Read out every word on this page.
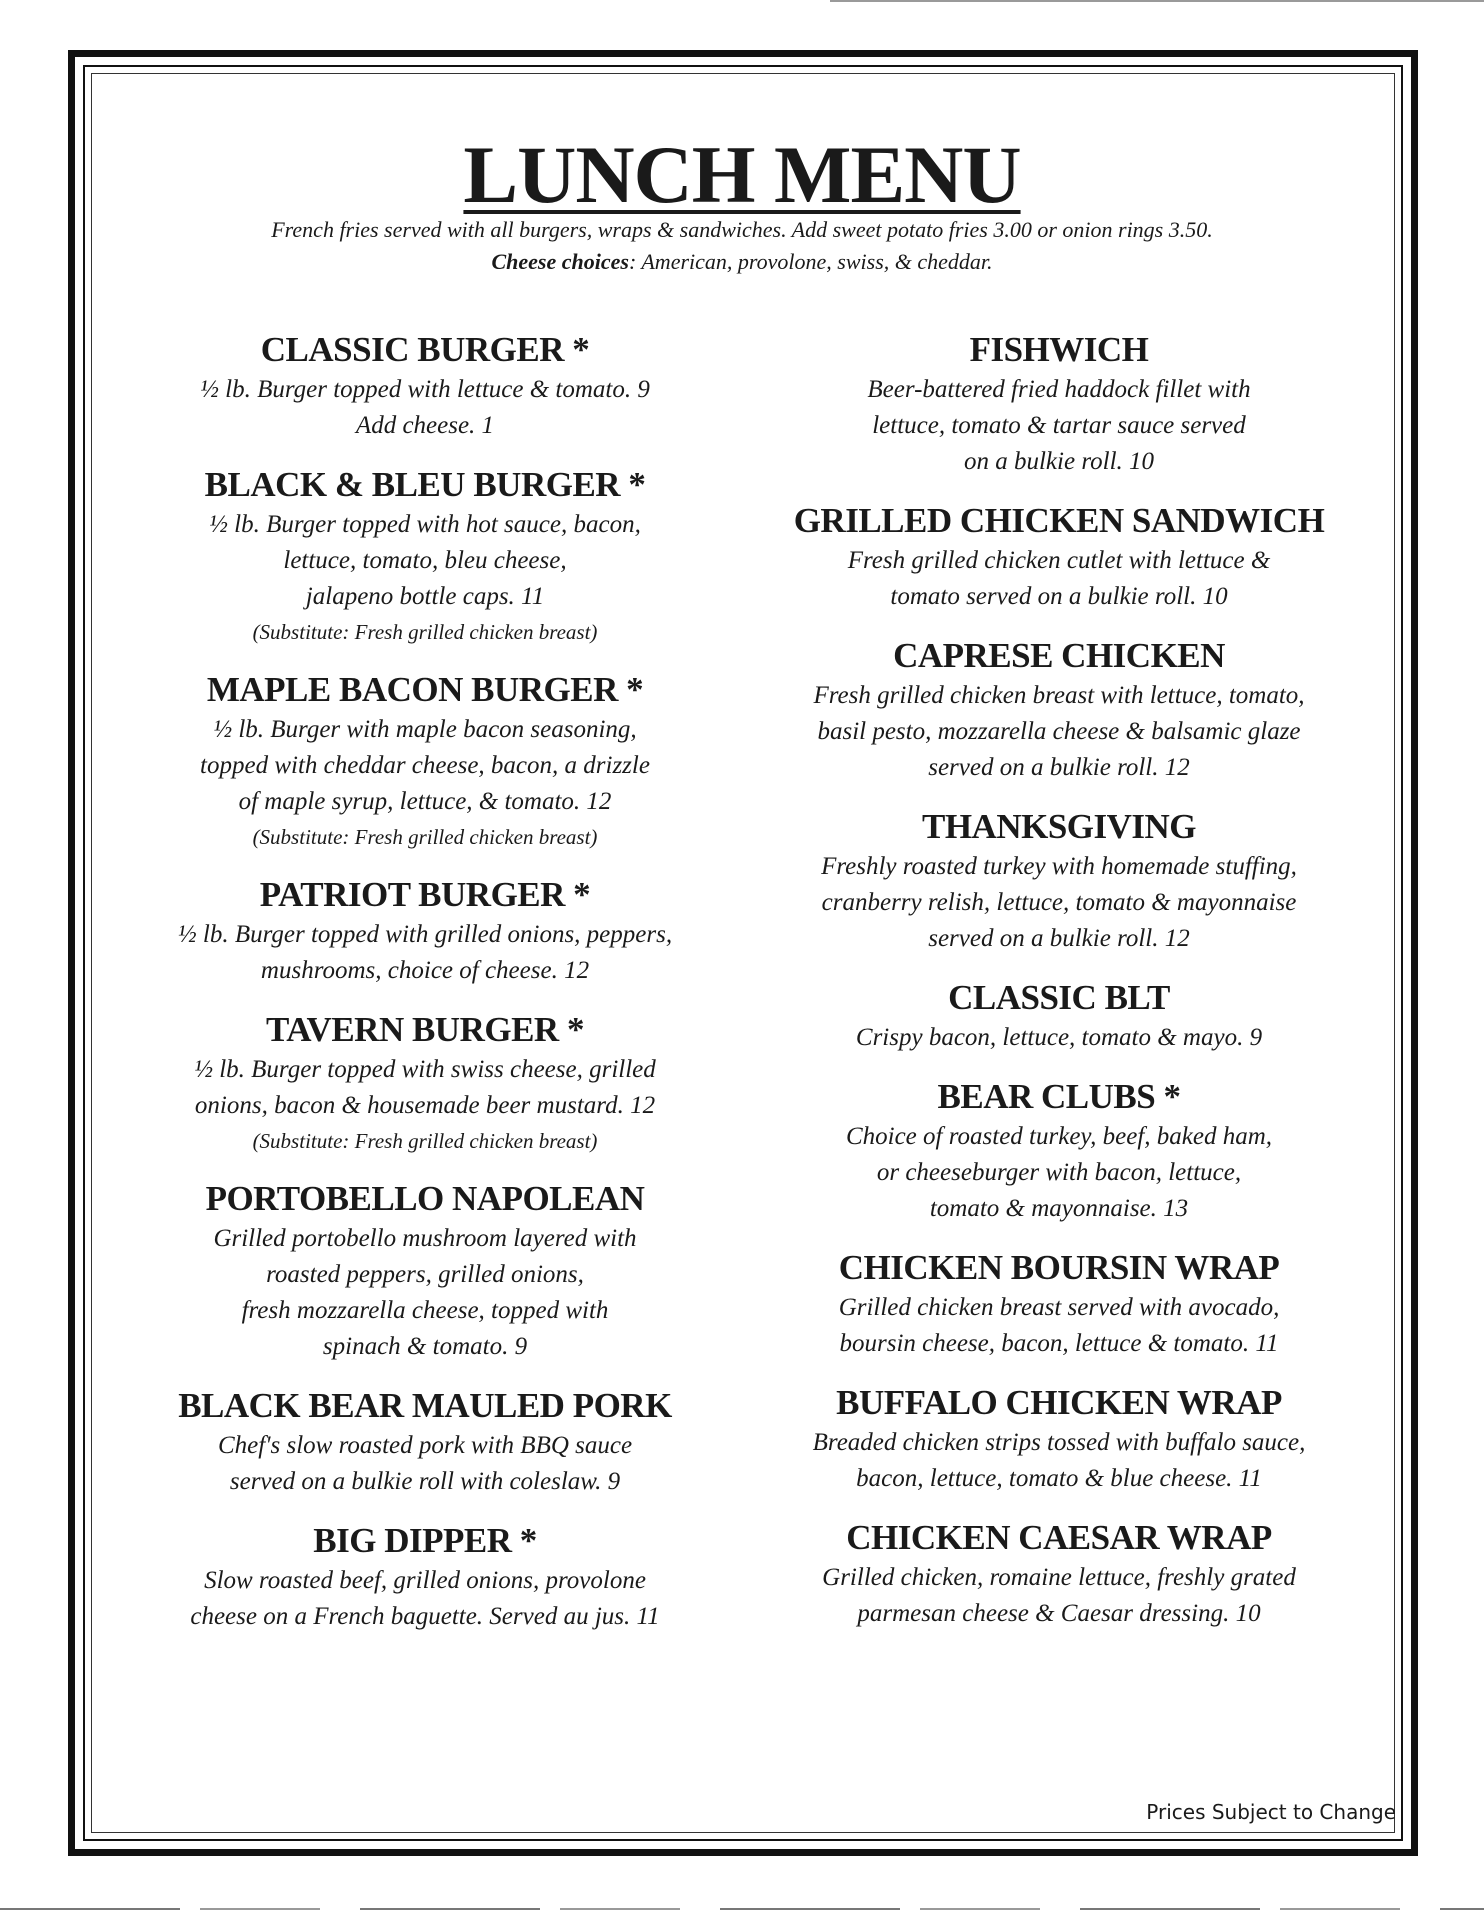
LUNCH MENU
French fries served with all burgers, wraps & sandwiches. Add sweet potato fries 3.00 or onion rings 3.50.
Cheese choices: American, provolone, swiss, & cheddar.
CLASSIC BURGER *
½ lb. Burger topped with lettuce & tomato. 9
Add cheese. 1
BLACK & BLEU BURGER *
½ lb. Burger topped with hot sauce, bacon,
lettuce, tomato, bleu cheese,
jalapeno bottle caps. 11
(Substitute: Fresh grilled chicken breast)
MAPLE BACON BURGER *
½ lb. Burger with maple bacon seasoning,
topped with cheddar cheese, bacon, a drizzle
of maple syrup, lettuce, & tomato. 12
(Substitute: Fresh grilled chicken breast)
PATRIOT BURGER *
½ lb. Burger topped with grilled onions, peppers,
mushrooms, choice of cheese. 12
TAVERN BURGER *
½ lb. Burger topped with swiss cheese, grilled
onions, bacon & housemade beer mustard. 12
(Substitute: Fresh grilled chicken breast)
PORTOBELLO NAPOLEAN
Grilled portobello mushroom layered with
roasted peppers, grilled onions,
fresh mozzarella cheese, topped with
spinach & tomato. 9
BLACK BEAR MAULED PORK
Chef's slow roasted pork with BBQ sauce
served on a bulkie roll with coleslaw. 9
BIG DIPPER *
Slow roasted beef, grilled onions, provolone
cheese on a French baguette. Served au jus. 11
FISHWICH
Beer-battered fried haddock fillet with
lettuce, tomato & tartar sauce served
on a bulkie roll. 10
GRILLED CHICKEN SANDWICH
Fresh grilled chicken cutlet with lettuce &
tomato served on a bulkie roll. 10
CAPRESE CHICKEN
Fresh grilled chicken breast with lettuce, tomato,
basil pesto, mozzarella cheese & balsamic glaze
served on a bulkie roll. 12
THANKSGIVING
Freshly roasted turkey with homemade stuffing,
cranberry relish, lettuce, tomato & mayonnaise
served on a bulkie roll. 12
CLASSIC BLT
Crispy bacon, lettuce, tomato & mayo. 9
BEAR CLUBS *
Choice of roasted turkey, beef, baked ham,
or cheeseburger with bacon, lettuce,
tomato & mayonnaise. 13
CHICKEN BOURSIN WRAP
Grilled chicken breast served with avocado,
boursin cheese, bacon, lettuce & tomato. 11
BUFFALO CHICKEN WRAP
Breaded chicken strips tossed with buffalo sauce,
bacon, lettuce, tomato & blue cheese. 11
CHICKEN CAESAR WRAP
Grilled chicken, romaine lettuce, freshly grated
parmesan cheese & Caesar dressing. 10
Prices Subject to Change
